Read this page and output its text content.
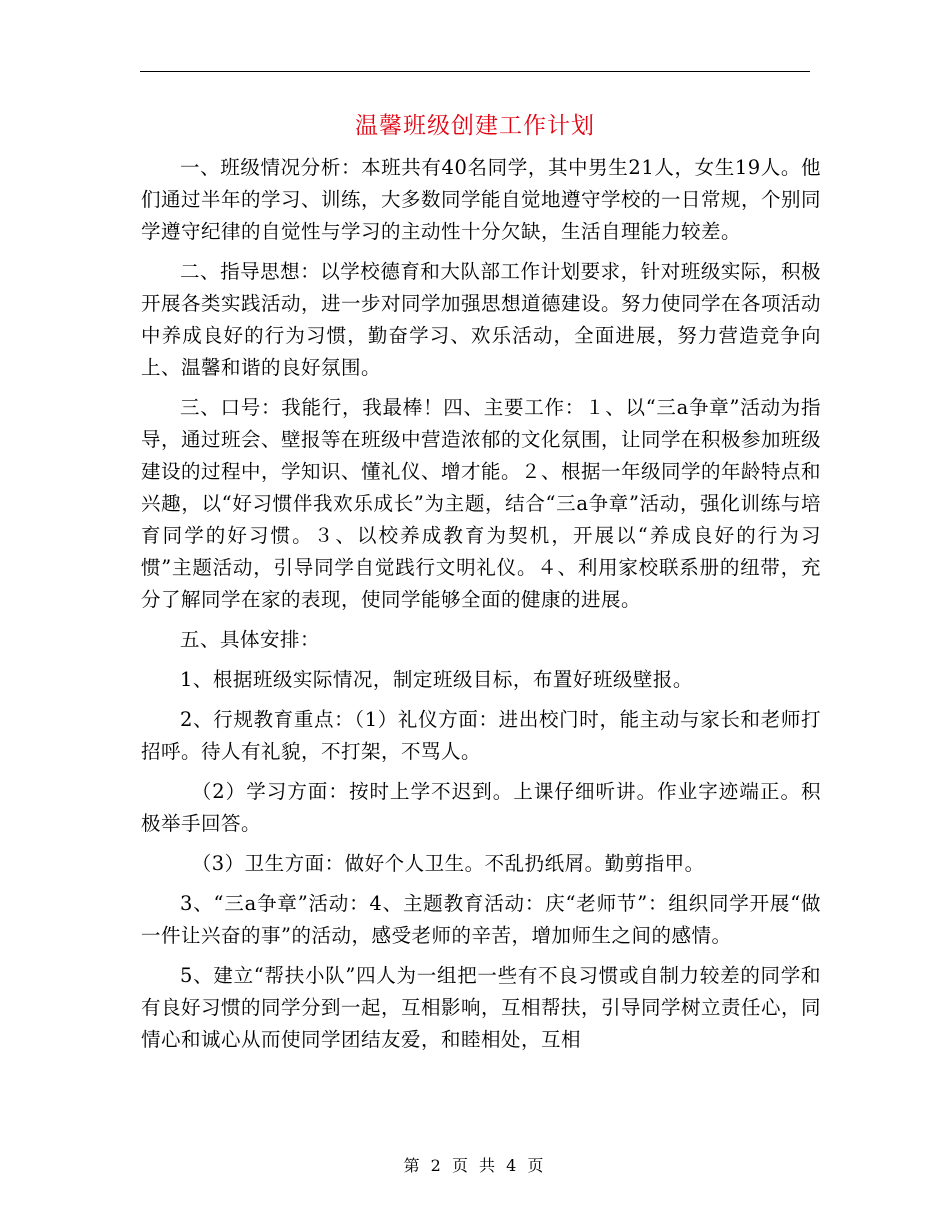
温馨班级创建工作计划

一、班级情况分析：本班共有40名同学，其中男生21人，女生19人。他们通过半年的学习、训练，大多数同学能自觉地遵守学校的一日常规，个别同学遵守纪律的自觉性与学习的主动性十分欠缺，生活自理能力较差。

二、指导思想：以学校德育和大队部工作计划要求，针对班级实际，积极开展各类实践活动，进一步对同学加强思想道德建设。努力使同学在各项活动中养成良好的行为习惯，勤奋学习、欢乐活动，全面进展，努力营造竞争向上、温馨和谐的良好氛围。

三、口号：我能行，我最棒！四、主要工作：１、以“三a争章”活动为指导，通过班会、壁报等在班级中营造浓郁的文化氛围，让同学在积极参加班级建设的过程中，学知识、懂礼仪、增才能。２、根据一年级同学的年龄特点和兴趣，以“好习惯伴我欢乐成长”为主题，结合“三a争章”活动，强化训练与培育同学的好习惯。３、以校养成教育为契机，开展以“养成良好的行为习惯”主题活动，引导同学自觉践行文明礼仪。４、利用家校联系册的纽带，充分了解同学在家的表现，使同学能够全面的健康的进展。

五、具体安排：

1、根据班级实际情况，制定班级目标，布置好班级壁报。

2、行规教育重点：（1）礼仪方面：进出校门时，能主动与家长和老师打招呼。待人有礼貌，不打架，不骂人。

（2）学习方面：按时上学不迟到。上课仔细听讲。作业字迹端正。积极举手回答。

（3）卫生方面：做好个人卫生。不乱扔纸屑。勤剪指甲。

3、“三a争章”活动：4、主题教育活动：庆“老师节”：组织同学开展“做一件让兴奋的事”的活动，感受老师的辛苦，增加师生之间的感情。

5、建立“帮扶小队”四人为一组把一些有不良习惯或自制力较差的同学和有良好习惯的同学分到一起，互相影响，互相帮扶，引导同学树立责任心，同情心和诚心从而使同学团结友爱，和睦相处，互相

第 2 页 共 4 页
